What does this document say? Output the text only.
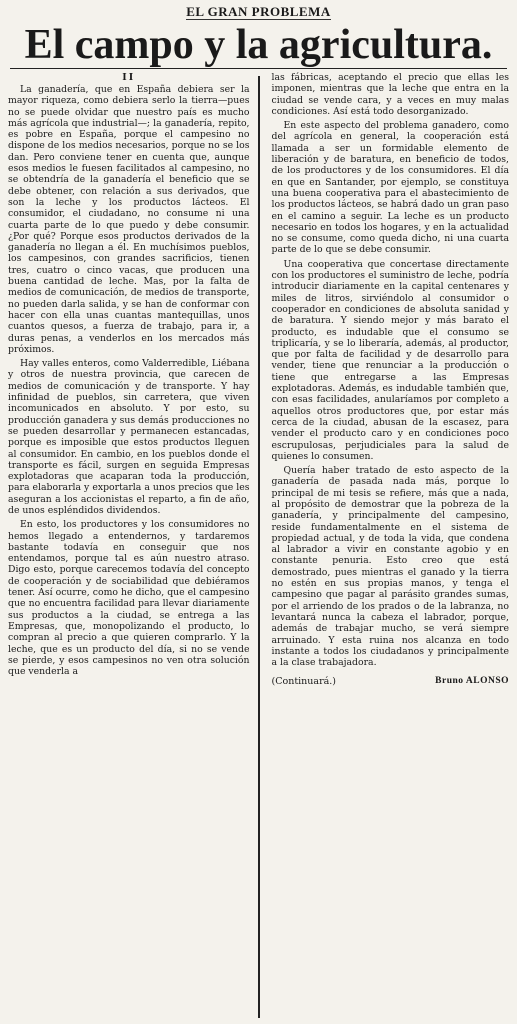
EL GRAN PROBLEMA
El campo y la agricultura.
II

La ganadería, que en España debiera ser la mayor riqueza, como debiera serlo la tierra—pues no se puede olvidar que nuestro país es mucho más agrícola que industrial—; la ganadería, repito, es pobre en España, porque el campesino no dispone de los medios necesarios, porque no se los dan. Pero conviene tener en cuenta que, aunque esos medios le fuesen facilitados al campesino, no se obtendría de la ganadería el beneficio que se debe obtener, con relación a sus derivados, que son la leche y los productos lácteos. El consumidor, el ciudadano, no consume ni una cuarta parte de lo que puedo y debe consumir. ¿Por qué? Porque esos productos derivados de la ganadería no llegan a él. En muchísimos pueblos, los campesinos, con grandes sacrificios, tienen tres, cuatro o cinco vacas, que producen una buena cantidad de leche. Mas, por la falta de medios de comunicación, de medios de transporte, no pueden darla salida, y se han de conformar con hacer con ella unas cuantas mantequillas, unos cuantos quesos, a fuerza de trabajo, para ir, a duras penas, a venderlos en los mercados más próximos.

Hay valles enteros, como Valderredible, Liébana y otros de nuestra provincia, que carecen de medios de comunicación y de transporte. Y hay infinidad de pueblos, sin carretera, que viven incomunicados en absoluto. Y por esto, su producción ganadera y sus demás producciones no se pueden desarrollar y permanecen estancadas, porque es imposible que estos productos lleguen al consumidor. En cambio, en los pueblos donde el transporte es fácil, surgen en seguida Empresas explotadoras que acaparan toda la producción, para elaborarla y exportarla a unos precios que les aseguran a los accionistas el reparto, a fin de año, de unos espléndidos dividendos.

En esto, los productores y los consumidores no hemos llegado a entendernos, y tardaremos bastante todavía en conseguir que nos entendamos, porque tal es aún nuestro atraso. Digo esto, porque carecemos todavía del concepto de cooperación y de sociabilidad que debiéramos tener. Así ocurre, como he dicho, que el campesino que no encuentra facilidad para llevar diariamente sus productos a la ciudad, se entrega a las Empresas, que, monopolizando el producto, lo compran al precio a que quieren comprarlo. Y la leche, que es un producto del día, si no se vende se pierde, y esos campesinos no ven otra solución que venderla a

las fábricas, aceptando el precio que ellas les imponen, mientras que la leche que entra en la ciudad se vende cara, y a veces en muy malas condiciones. Así está todo desorganizado.

En este aspecto del problema ganadero, como del agrícola en general, la cooperación está llamada a ser un formidable elemento de liberación y de baratura, en beneficio de todos, de los productores y de los consumidores. El día en que en Santander, por ejemplo, se constituya una buena cooperativa para el abastecimiento de los productos lácteos, se habrá dado un gran paso en el camino a seguir. La leche es un producto necesario en todos los hogares, y en la actualidad no se consume, como queda dicho, ni una cuarta parte de lo que se debe consumir.

Una cooperativa que concertase directamente con los productores el suministro de leche, podría introducir diariamente en la capital centenares y miles de litros, sirviéndolo al consumidor o cooperador en condiciones de absoluta sanidad y de baratura. Y siendo mejor y más barato el producto, es indudable que el consumo se triplicaría, y se lo liberaría, además, al productor, que por falta de facilidad y de desarrollo para vender, tiene que renunciar a la producción o tiene que entregarse a las Empresas explotadoras. Además, es indudable también que, con esas facilidades, anularíamos por completo a aquellos otros productores que, por estar más cerca de la ciudad, abusan de la escasez, para vender el producto caro y en condiciones poco escrupulosas, perjudiciales para la salud de quienes lo consumen.

Quería haber tratado de esto aspecto de la ganadería de pasada nada más, porque lo principal de mi tesis se refiere, más que a nada, al propósito de demostrar que la pobreza de la ganadería, y principalmente del campesino, reside fundamentalmente en el sistema de propiedad actual, y de toda la vida, que condena al labrador a vivir en constante agobio y en constante penuria. Esto creo que está demostrado, pues mientras el ganado y la tierra no estén en sus propias manos, y tenga el campesino que pagar al parásito grandes sumas, por el arriendo de los prados o de la labranza, no levantará nunca la cabeza el labrador, porque, además de trabajar mucho, se verá siempre arruinado. Y esta ruina nos alcanza en todo instante a todos los ciudadanos y principalmente a la clase trabajadora.

(Continuará.)	Bruno ALONSO
